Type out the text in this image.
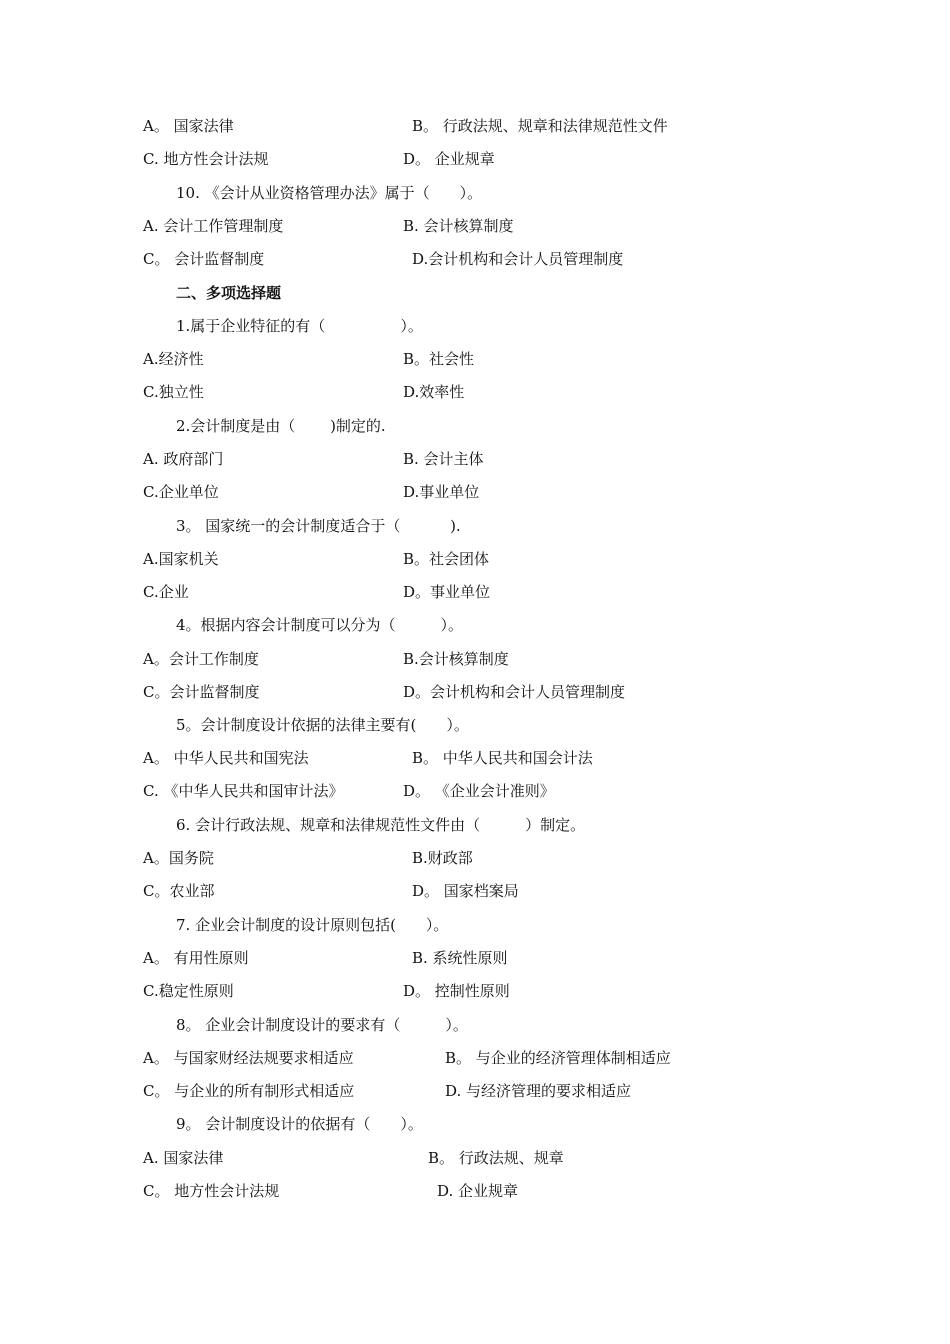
A。 国家法律	B。 行政法规、规章和法律规范性文件
C. 地方性会计法规	D。 企业规章
10. 《会计从业资格管理办法》属于（　　）。
A. 会计工作管理制度	B. 会计核算制度
C。 会计监督制度	D.会计机构和会计人员管理制度
二、多项选择题
1.属于企业特征的有（　　　　　）。
A.经济性	B。社会性
C.独立性	D.效率性
2.会计制度是由（　　 )制定的.
A. 政府部门	B. 会计主体
C.企业单位	D.事业单位
3。 国家统一的会计制度适合于（　　　 ).
A.国家机关	B。社会团体
C.企业	D。事业单位
4。根据内容会计制度可以分为（　　　）。
A。会计工作制度	B.会计核算制度
C。会计监督制度	D。会计机构和会计人员管理制度
5。会计制度设计依据的法律主要有(　　）。
A。 中华人民共和国宪法	B。 中华人民共和国会计法
C. 《中华人民共和国审计法》	D。 《企业会计准则》
6. 会计行政法规、规章和法律规范性文件由（　　　）制定。
A。国务院	B.财政部
C。农业部	D。 国家档案局
7. 企业会计制度的设计原则包括(　　）。
A。 有用性原则	B. 系统性原则
C.稳定性原则	D。 控制性原则
8。 企业会计制度设计的要求有（　　　）。
A。 与国家财经法规要求相适应	B。 与企业的经济管理体制相适应
C。 与企业的所有制形式相适应	D. 与经济管理的要求相适应
9。 会计制度设计的依据有（　　）。
A. 国家法律	B。 行政法规、规章
C。 地方性会计法规	D. 企业规章
